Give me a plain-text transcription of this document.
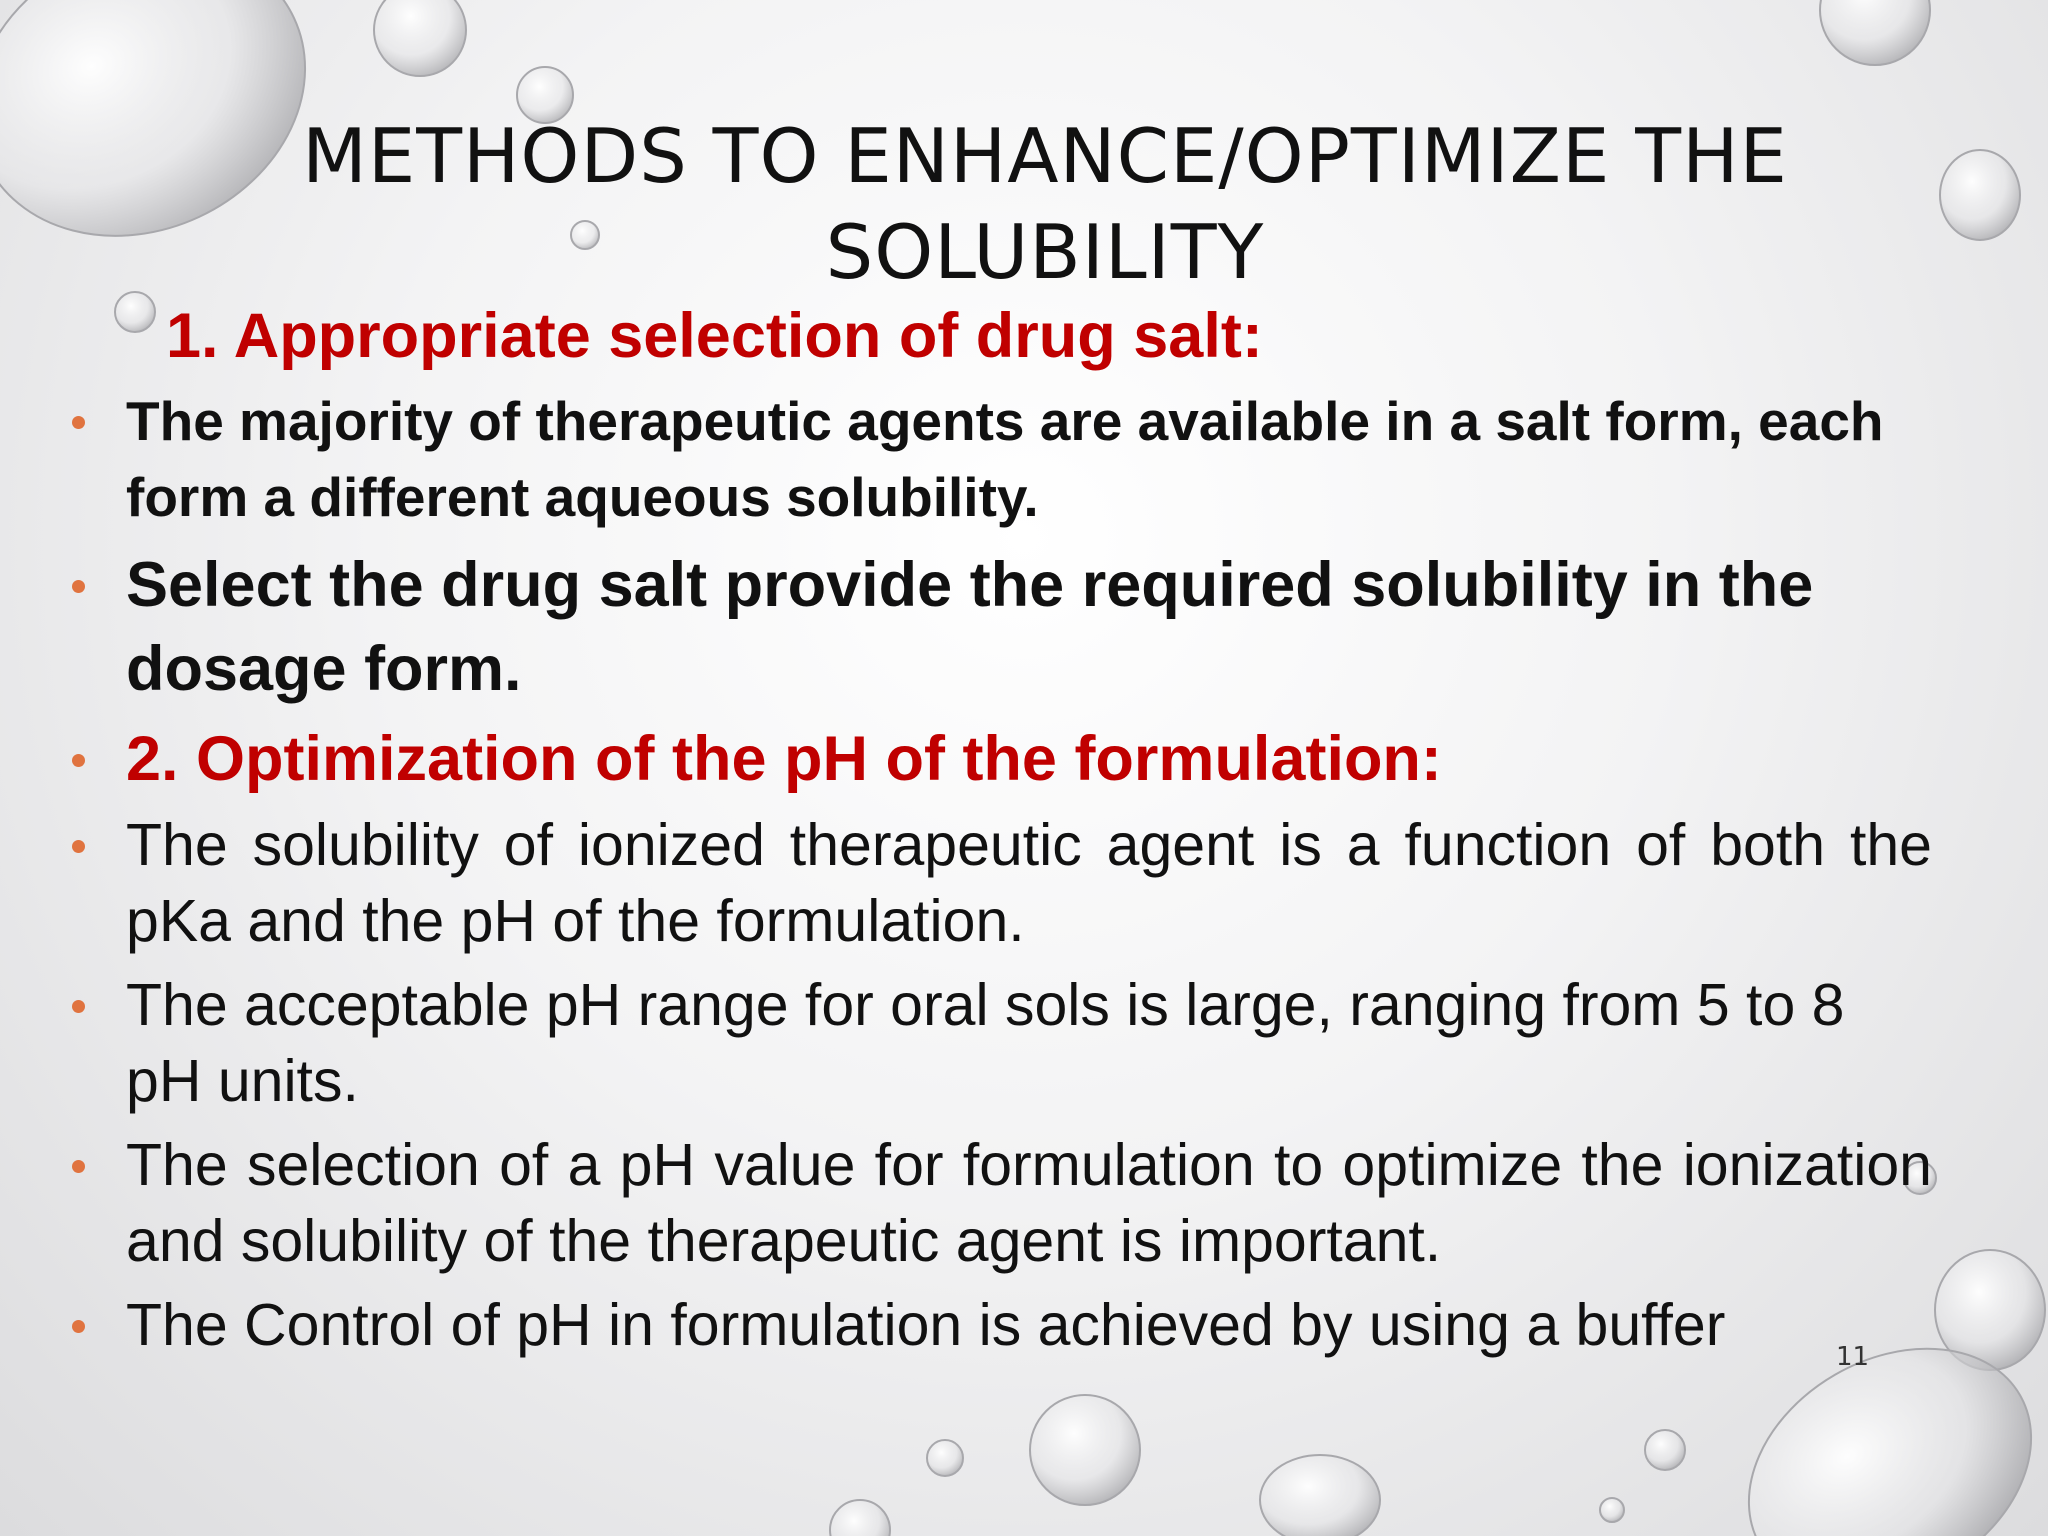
METHODS TO ENHANCE/OPTIMIZE THE
SOLUBILITY
1. Appropriate selection of drug salt:
The majority of therapeutic agents are available in a salt form, each form a different aqueous solubility.
Select the drug salt provide the required solubility in the dosage form.
2. Optimization of the pH of the formulation:
The solubility of ionized therapeutic agent is a function of both the pKa and the pH of the formulation.
The acceptable pH range for oral sols is large, ranging from 5 to 8 pH units.
The selection of a pH value for formulation to optimize the ionization and solubility of the therapeutic agent is important.
The Control of pH in formulation is achieved by using a buffer	11
